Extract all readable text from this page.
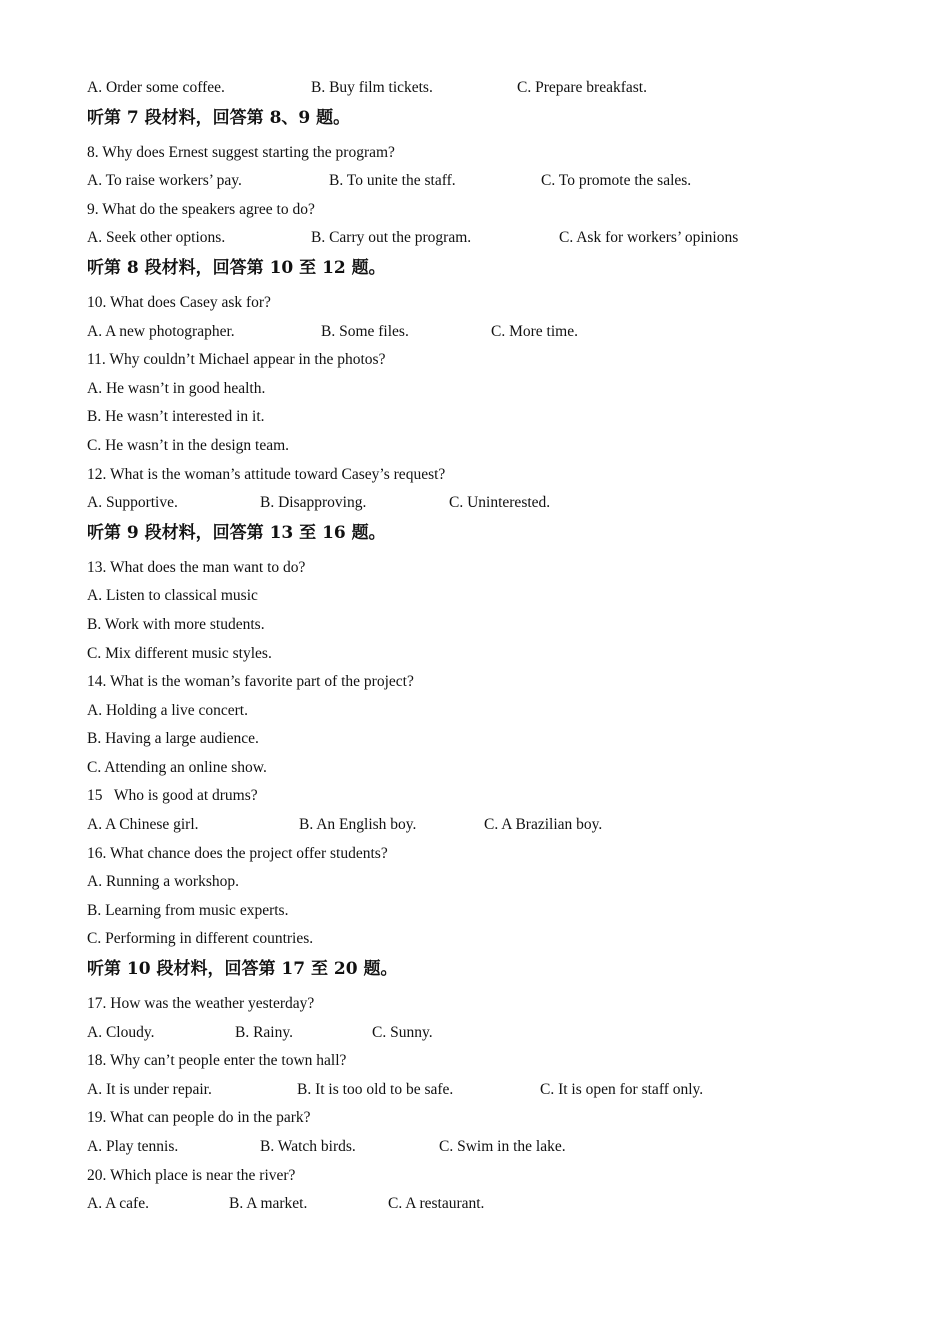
A. Order some coffee.	B. Buy film tickets.	C. Prepare breakfast.
听第 7 段材料，回答第 8、9 题。
8. Why does Ernest suggest starting the program?
A. To raise workers’ pay.	B. To unite the staff.	C. To promote the sales.
9. What do the speakers agree to do?
A. Seek other options.	B. Carry out the program.	C. Ask for workers’ opinions
听第 8 段材料，回答第 10 至 12 题。
10. What does Casey ask for?
A. A new photographer.	B. Some files.	C. More time.
11. Why couldn’t Michael appear in the photos?
A. He wasn’t in good health.
B. He wasn’t interested in it.
C. He wasn’t in the design team.
12. What is the woman’s attitude toward Casey’s request?
A. Supportive.	B. Disapproving.	C. Uninterested.
听第 9 段材料，回答第 13 至 16 题。
13. What does the man want to do?
A. Listen to classical music
B. Work with more students.
C. Mix different music styles.
14. What is the woman’s favorite part of the project?
A. Holding a live concert.
B. Having a large audience.
C. Attending an online show.
15   Who is good at drums?
A. A Chinese girl.	B. An English boy.	C. A Brazilian boy.
16. What chance does the project offer students?
A. Running a workshop.
B. Learning from music experts.
C. Performing in different countries.
听第 10 段材料，回答第 17 至 20 题。
17. How was the weather yesterday?
A. Cloudy.	B. Rainy.	C. Sunny.
18. Why can’t people enter the town hall?
A. It is under repair.	B. It is too old to be safe.	C. It is open for staff only.
19. What can people do in the park?
A. Play tennis.	B. Watch birds.	C. Swim in the lake.
20. Which place is near the river?
A. A cafe.	B. A market.	C. A restaurant.
